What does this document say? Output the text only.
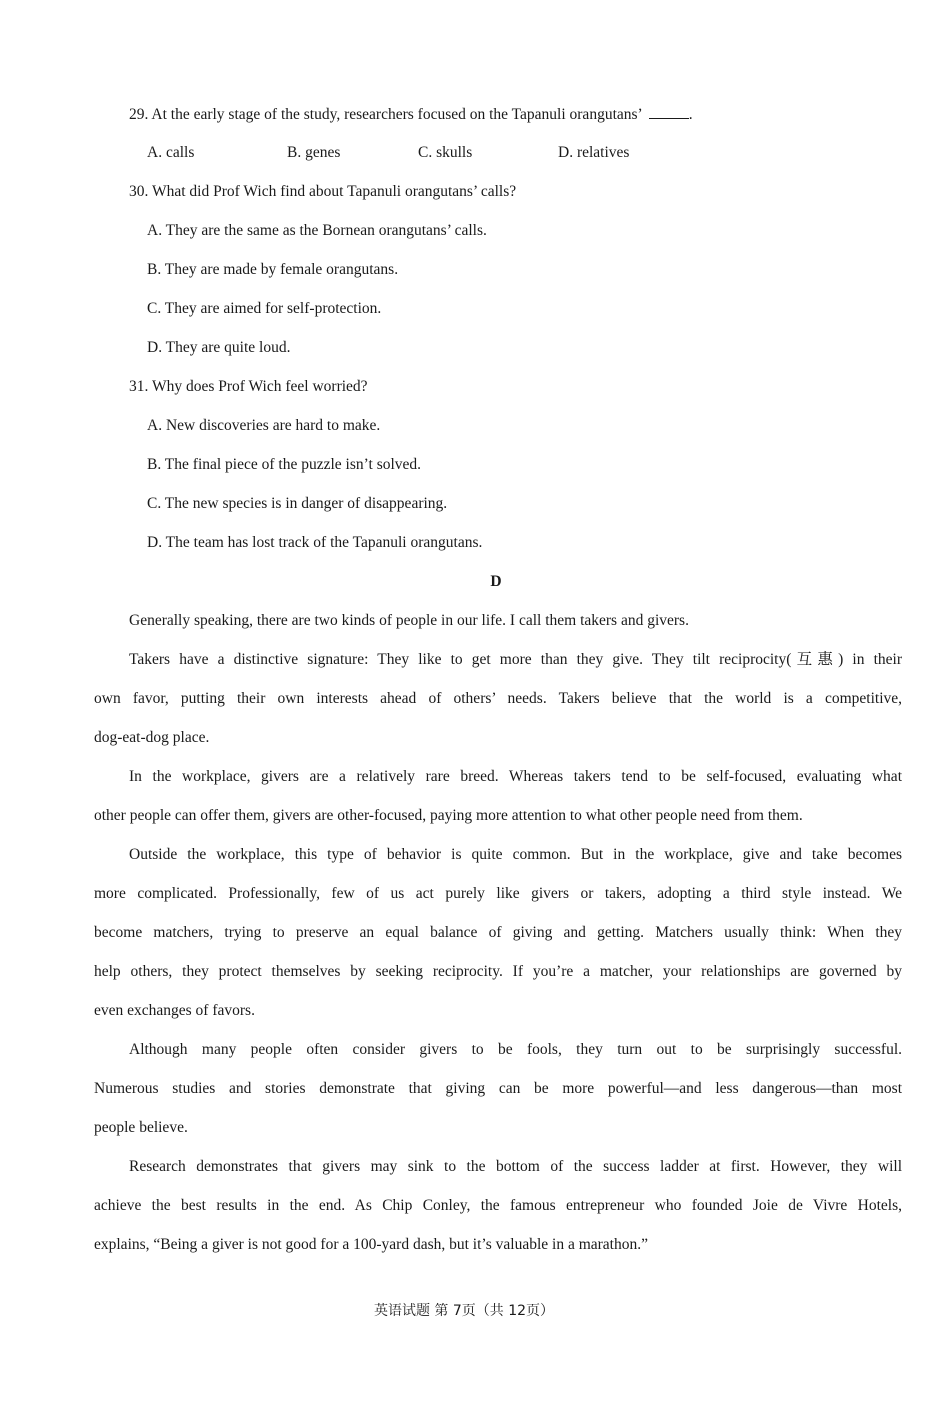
29. At the early stage of the study, researchers focused on the Tapanuli orangutans’	.
A. calls	B. genes	C. skulls	D. relatives
30. What did Prof Wich find about Tapanuli orangutans’ calls?
A. They are the same as the Bornean orangutans’ calls.
B. They are made by female orangutans.
C. They are aimed for self-protection.
D. They are quite loud.
31. Why does Prof Wich feel worried?
A. New discoveries are hard to make.
B. The final piece of the puzzle isn’t solved.
C. The new species is in danger of disappearing.
D. The team has lost track of the Tapanuli orangutans.
D
Generally speaking, there are two kinds of people in our life. I call them takers and givers.
Takers have a distinctive signature: They like to get more than they give. They tilt reciprocity(互惠) in their
own favor, putting their own interests ahead of others’ needs. Takers believe that the world is a competitive,
dog-eat-dog place.
In the workplace, givers are a relatively rare breed. Whereas takers tend to be self-focused, evaluating what
other people can offer them, givers are other-focused, paying more attention to what other people need from them.
Outside the workplace, this type of behavior is quite common. But in the workplace, give and take becomes
more complicated. Professionally, few of us act purely like givers or takers, adopting a third style instead. We
become matchers, trying to preserve an equal balance of giving and getting. Matchers usually think: When they
help others, they protect themselves by seeking reciprocity. If you’re a matcher, your relationships are governed by
even exchanges of favors.
Although many people often consider givers to be fools, they turn out to be surprisingly successful.
Numerous studies and stories demonstrate that giving can be more powerful—and less dangerous—than most
people believe.
Research demonstrates that givers may sink to the bottom of the success ladder at first. However, they will
achieve the best results in the end. As Chip Conley, the famous entrepreneur who founded Joie de Vivre Hotels,
explains, “Being a giver is not good for a 100-yard dash, but it’s valuable in a marathon.”
英语试题 第 7页（共 12页）
